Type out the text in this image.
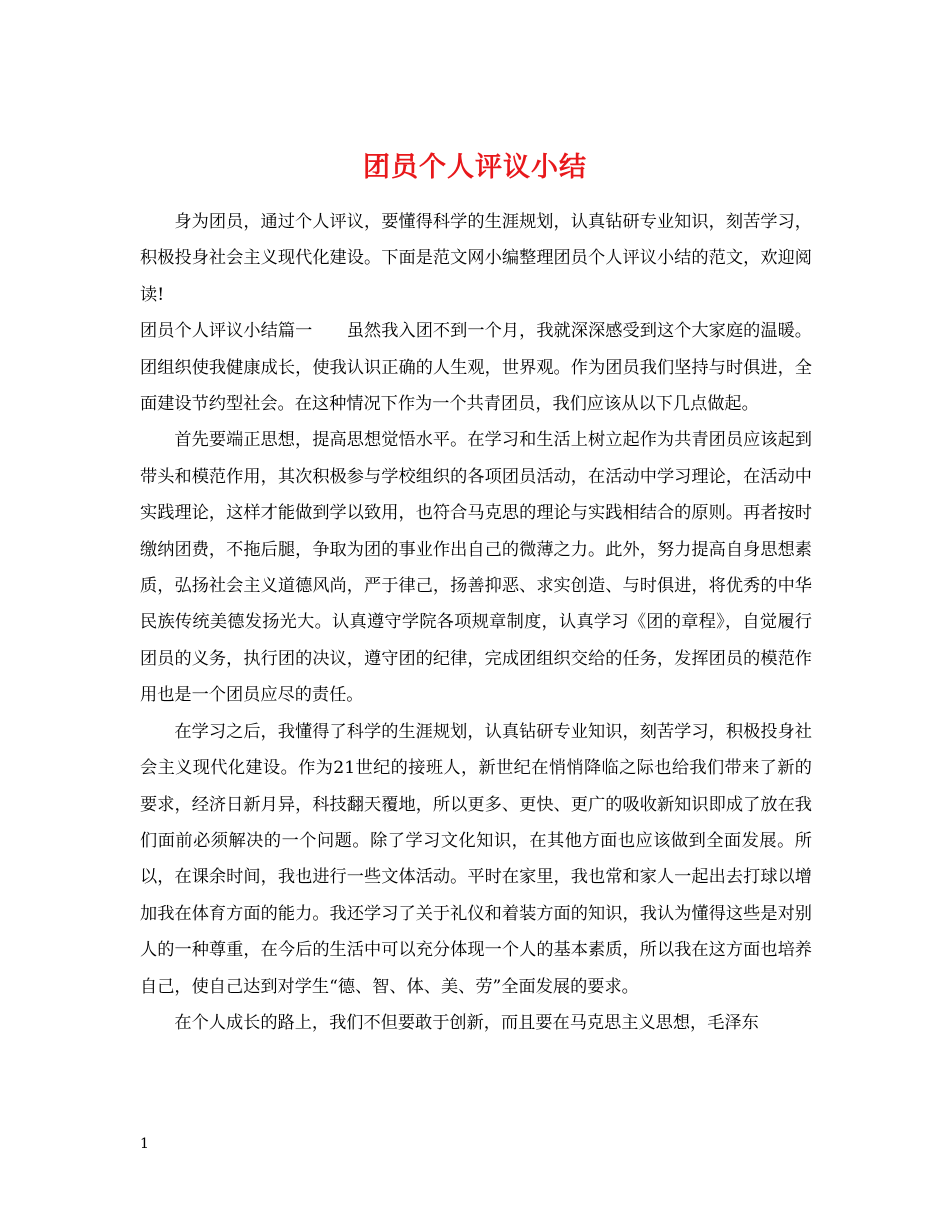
团员个人评议小结

身为团员，通过个人评议，要懂得科学的生涯规划，认真钻研专业知识，刻苦学习，积极投身社会主义现代化建设。下面是范文网小编整理团员个人评议小结的范文，欢迎阅读!

团员个人评议小结篇一　　虽然我入团不到一个月，我就深深感受到这个大家庭的温暖。团组织使我健康成长，使我认识正确的人生观，世界观。作为团员我们坚持与时俱进，全面建设节约型社会。在这种情况下作为一个共青团员，我们应该从以下几点做起。

首先要端正思想，提高思想觉悟水平。在学习和生活上树立起作为共青团员应该起到带头和模范作用，其次积极参与学校组织的各项团员活动，在活动中学习理论，在活动中实践理论，这样才能做到学以致用，也符合马克思的理论与实践相结合的原则。再者按时缴纳团费，不拖后腿，争取为团的事业作出自己的微薄之力。此外，努力提高自身思想素质，弘扬社会主义道德风尚，严于律己，扬善抑恶、求实创造、与时俱进，将优秀的中华民族传统美德发扬光大。认真遵守学院各项规章制度，认真学习《团的章程》，自觉履行团员的义务，执行团的决议，遵守团的纪律，完成团组织交给的任务，发挥团员的模范作用也是一个团员应尽的责任。

在学习之后，我懂得了科学的生涯规划，认真钻研专业知识，刻苦学习，积极投身社会主义现代化建设。作为21世纪的接班人，新世纪在悄悄降临之际也给我们带来了新的要求，经济日新月异，科技翻天覆地，所以更多、更快、更广的吸收新知识即成了放在我们面前必须解决的一个问题。除了学习文化知识，在其他方面也应该做到全面发展。所以，在课余时间，我也进行一些文体活动。平时在家里，我也常和家人一起出去打球以增加我在体育方面的能力。我还学习了关于礼仪和着装方面的知识，我认为懂得这些是对别人的一种尊重，在今后的生活中可以充分体现一个人的基本素质，所以我在这方面也培养自己，使自己达到对学生“德、智、体、美、劳”全面发展的要求。

在个人成长的路上，我们不但要敢于创新，而且要在马克思主义思想，毛泽东

1
